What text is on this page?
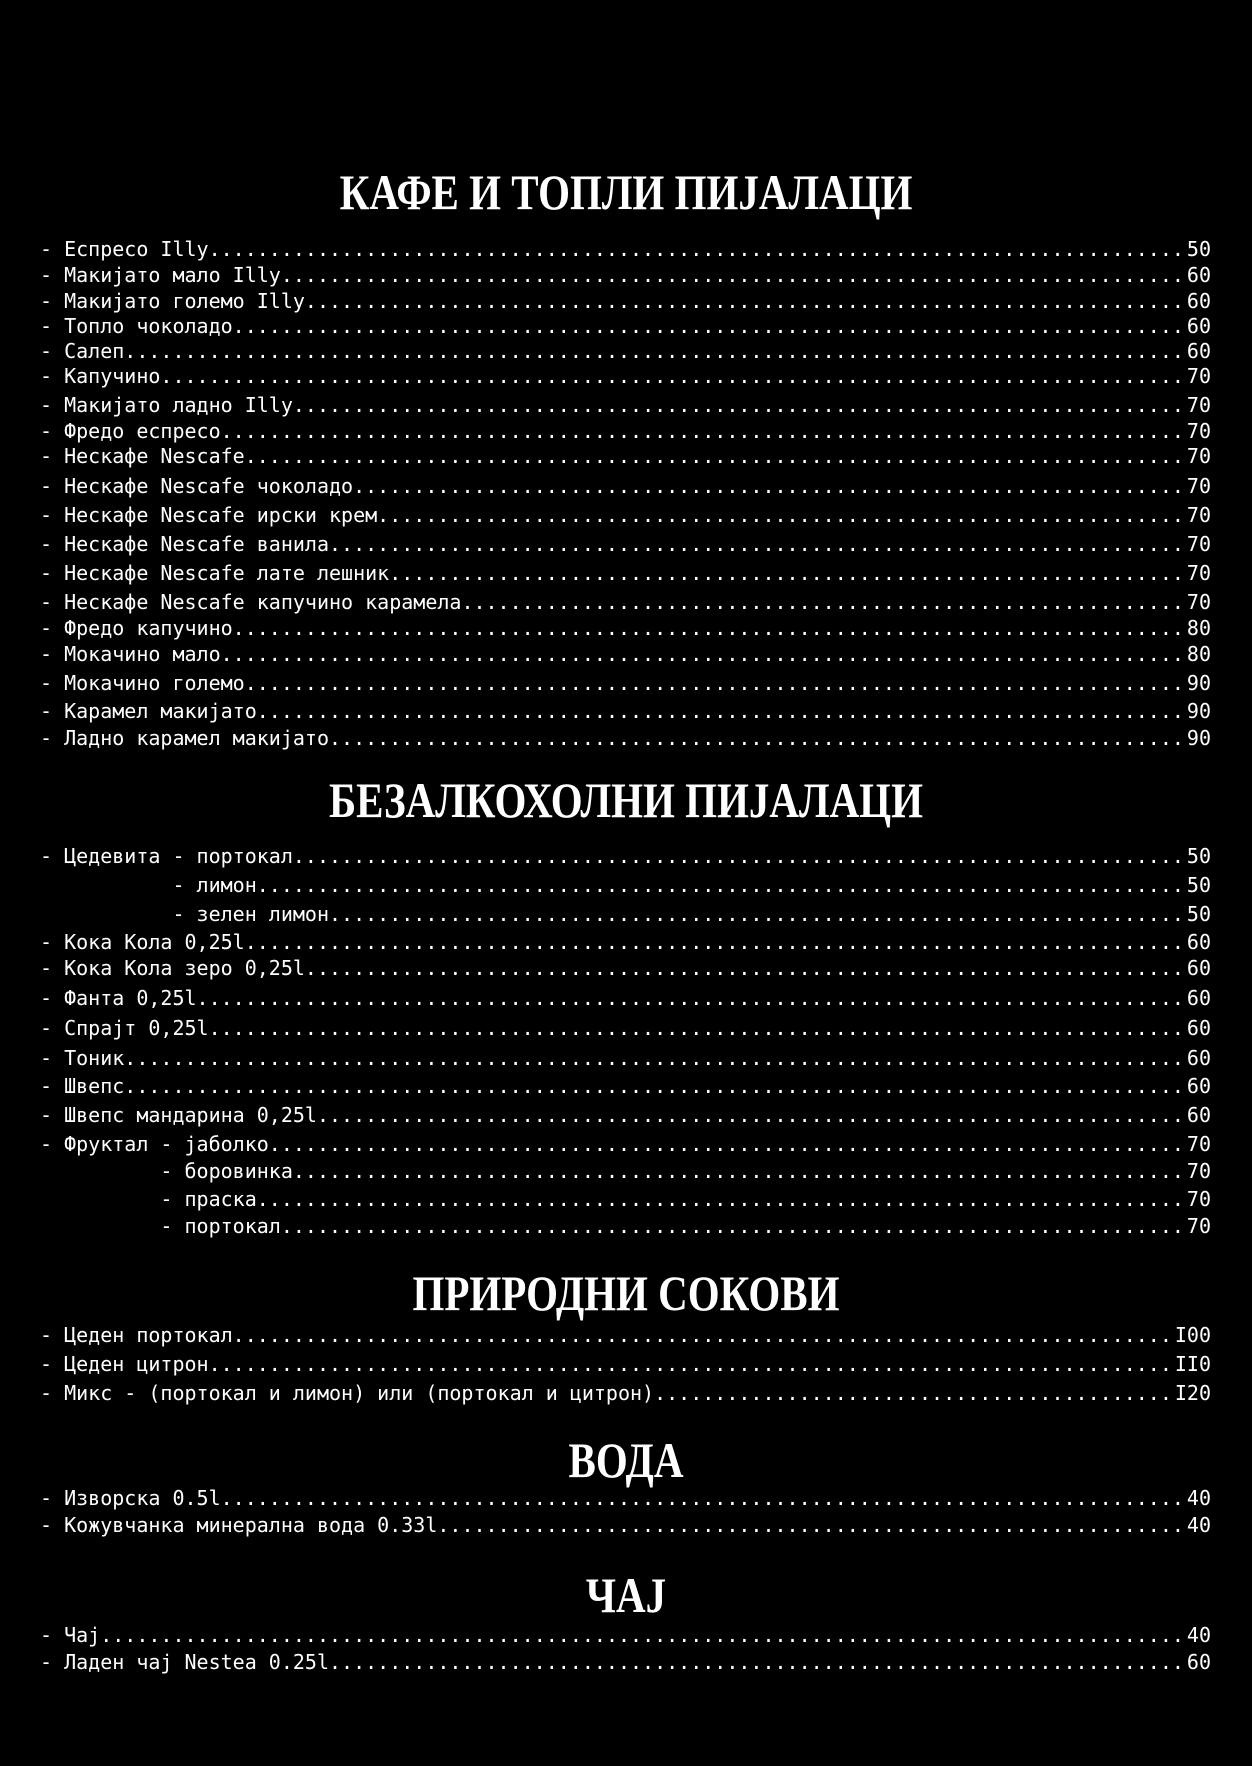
КАФЕ И ТОПЛИ ПИЈАЛАЦИ
- Еспресо Illy .....	50
- Макијато мало Illy .....	60
- Макијато големо Illy .....	60
- Топло чоколадо .....	60
- Салеп .....	60
- Капучино .....	70
- Макијато ладно Illy .....	70
- Фредо еспресо .....	70
- Нескафе Nescafe .....	70
- Нескафе Nescafe чоколадо .....	70
- Нескафе Nescafe ирски крем .....	70
- Нескафе Nescafe ванила .....	70
- Нескафе Nescafe лате лешник .....	70
- Нескафе Nescafe капучино карамела .....	70
- Фредо капучино .....	80
- Мокачино мало .....	80
- Мокачино големо .....	90
- Карамел макијато .....	90
- Ладно карамел макијато .....	90
БЕЗАЛКОХОЛНИ ПИЈАЛАЦИ
- Цедевита - портокал .....	50
- лимон .....	50
- зелен лимон .....	50
- Кока Кола 0,25l .....	60
- Кока Кола зеро 0,25l .....	60
- Фанта 0,25l .....	60
- Спрајт 0,25l .....	60
- Тоник .....	60
- Швепс .....	60
- Швепс мандарина 0,25l .....	60
- Фруктал - јаболко .....	70
- боровинка .....	70
- праска .....	70
- портокал .....	70
ПРИРОДНИ СОКОВИ
- Цеден портокал .....	I00
- Цеден цитрон .....	II0
- Микс - (портокал и лимон) или (портокал и цитрон) .....	I20
ВОДА
- Изворска 0.5l .....	40
- Кожувчанка минерална вода 0.33l .....	40
ЧАЈ
- Чај .....	40
- Ладен чај Nestea 0.25l .....	60
